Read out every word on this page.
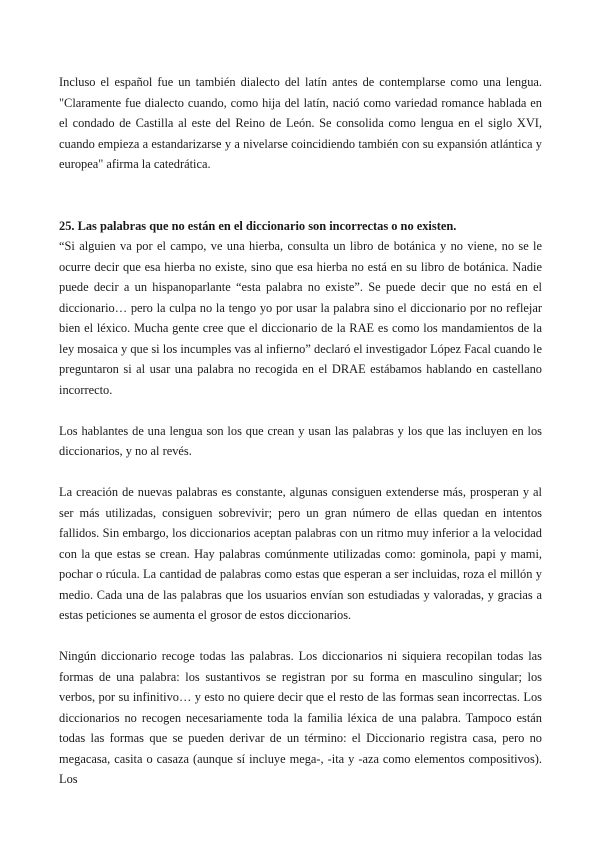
Incluso el español fue un también dialecto del latín antes de contemplarse como una lengua. "Claramente fue dialecto cuando, como hija del latín, nació como variedad romance hablada en el condado de Castilla al este del Reino de León. Se consolida como lengua en el siglo XVI, cuando empieza a estandarizarse y a nivelarse coincidiendo también con su expansión atlántica y europea" afirma la catedrática.

25. Las palabras que no están en el diccionario son incorrectas o no existen.

“Si alguien va por el campo, ve una hierba, consulta un libro de botánica y no viene, no se le ocurre decir que esa hierba no existe, sino que esa hierba no está en su libro de botánica. Nadie puede decir a un hispanoparlante “esta palabra no existe”. Se puede decir que no está en el diccionario… pero la culpa no la tengo yo por usar la palabra sino el diccionario por no reflejar bien el léxico. Mucha gente cree que el diccionario de la RAE es como los mandamientos de la ley mosaica y que si los incumples vas al infierno” declaró el investigador López Facal cuando le preguntaron si al usar una palabra no recogida en el DRAE estábamos hablando en castellano incorrecto.

Los hablantes de una lengua son los que crean y usan las palabras y los que las incluyen en los diccionarios, y no al revés.

La creación de nuevas palabras es constante, algunas consiguen extenderse más, prosperan y al ser más utilizadas, consiguen sobrevivir; pero un gran número de ellas quedan en intentos fallidos. Sin embargo, los diccionarios aceptan palabras con un ritmo muy inferior a la velocidad con la que estas se crean. Hay palabras comúnmente utilizadas como: gominola, papi y mami, pochar o rúcula. La cantidad de palabras como estas que esperan a ser incluidas, roza el millón y medio. Cada una de las palabras que los usuarios envían son estudiadas y valoradas, y gracias a estas peticiones se aumenta el grosor de estos diccionarios.

Ningún diccionario recoge todas las palabras. Los diccionarios ni siquiera recopilan todas las formas de una palabra: los sustantivos se registran por su forma en masculino singular; los verbos, por su infinitivo… y esto no quiere decir que el resto de las formas sean incorrectas. Los diccionarios no recogen necesariamente toda la familia léxica de una palabra. Tampoco están todas las formas que se pueden derivar de un término: el Diccionario registra casa, pero no megacasa, casita o casaza (aunque sí incluye mega-, -ita y -aza como elementos compositivos). Los
